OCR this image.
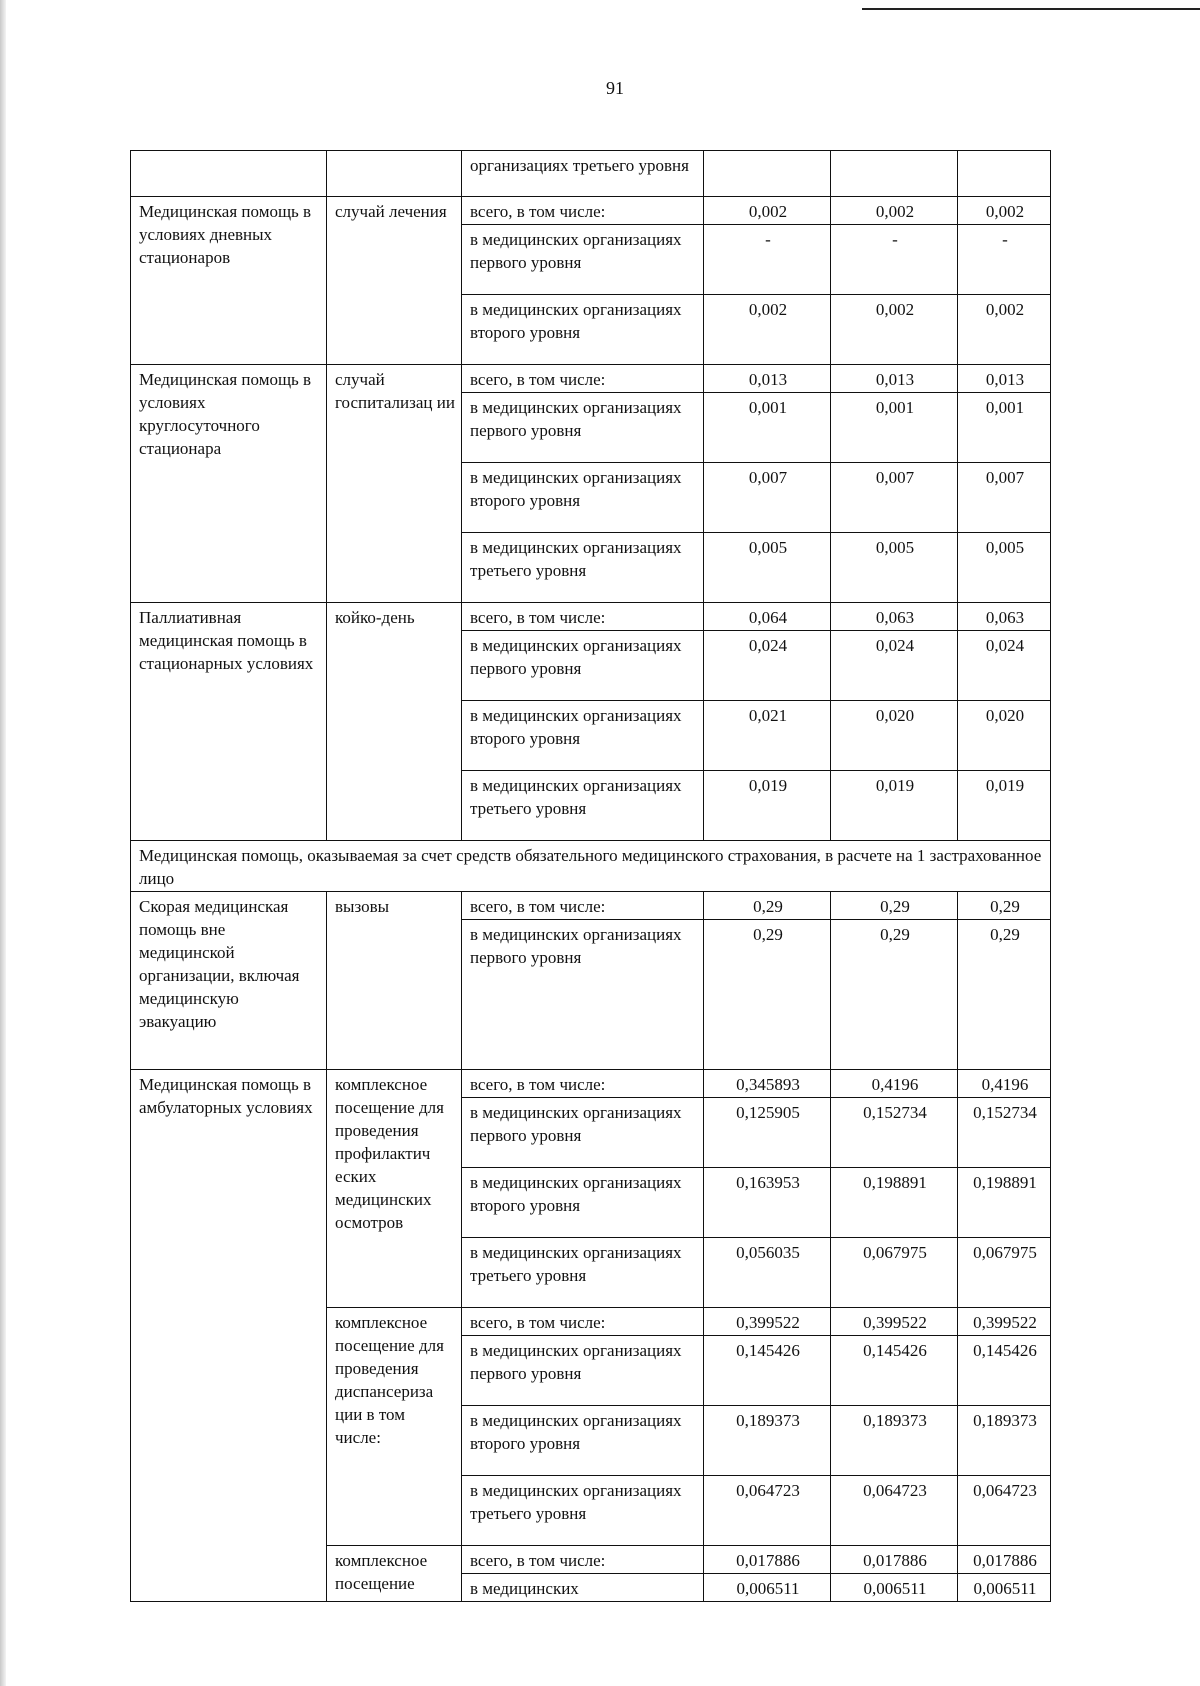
91
		организациях третьего уровня			
Медицинская помощь в условиях дневных стационаров	случай лечения	всего, в том числе:	0,002	0,002	0,002
		в медицинских организациях первого уровня	-	-	-
		в медицинских организациях второго уровня	0,002	0,002	0,002
Медицинская помощь в условиях круглосуточного стационара	случай госпитализац ии	всего, в том числе:	0,013	0,013	0,013
		в медицинских организациях первого уровня	0,001	0,001	0,001
		в медицинских организациях второго уровня	0,007	0,007	0,007
		в медицинских организациях третьего уровня	0,005	0,005	0,005
Паллиативная медицинская помощь в стационарных условиях	койко-день	всего, в том числе:	0,064	0,063	0,063
		в медицинских организациях первого уровня	0,024	0,024	0,024
		в медицинских организациях второго уровня	0,021	0,020	0,020
		в медицинских организациях третьего уровня	0,019	0,019	0,019
Медицинская помощь, оказываемая за счет средств обязательного медицинского страхования, в расчете на 1 застрахованное лицо					
Скорая медицинская помощь вне медицинской организации, включая медицинскую эвакуацию	вызовы	всего, в том числе:	0,29	0,29	0,29
		в медицинских организациях первого уровня	0,29	0,29	0,29
Медицинская помощь в амбулаторных условиях	комплексное посещение для проведения профилактич еских медицинских осмотров	всего, в том числе:	0,345893	0,4196	0,4196
		в медицинских организациях первого уровня	0,125905	0,152734	0,152734
		в медицинских организациях второго уровня	0,163953	0,198891	0,198891
		в медицинских организациях третьего уровня	0,056035	0,067975	0,067975
	комплексное посещение для проведения диспансериза ции в том числе:	всего, в том числе:	0,399522	0,399522	0,399522
		в медицинских организациях первого уровня	0,145426	0,145426	0,145426
		в медицинских организациях второго уровня	0,189373	0,189373	0,189373
		в медицинских организациях третьего уровня	0,064723	0,064723	0,064723
	комплексное посещение	всего, в том числе:	0,017886	0,017886	0,017886
		в медицинских	0,006511	0,006511	0,006511
